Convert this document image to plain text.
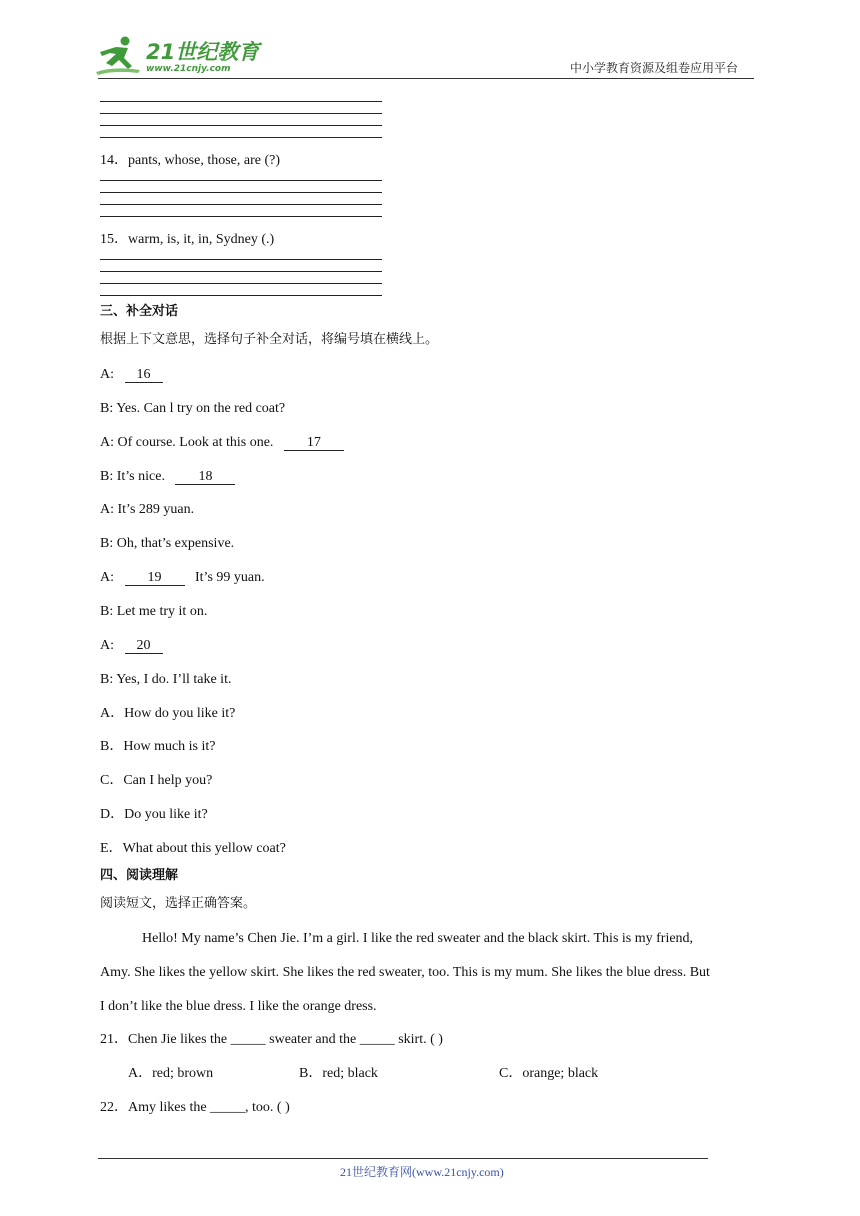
21世纪教育
www.21cnjy.com	中小学教育资源及组卷应用平台
14．pants, whose, those, are (?)
15．warm, is, it, in, Sydney (.)
三、补全对话
根据上下文意思，选择句子补全对话，将编号填在横线上。
A: 16
B: Yes. Can l try on the red coat?
A: Of course. Look at this one. 17
B: It’s nice. 18
A: It’s 289 yuan.
B: Oh, that’s expensive.
A: 19 It’s 99 yuan.
B: Let me try it on.
A: 20
B: Yes, I do. I’ll take it.
A．How do you like it?
B．How much is it?
C．Can I help you?
D．Do you like it?
E．What about this yellow coat?
四、阅读理解
阅读短文，选择正确答案。
Hello! My name’s Chen Jie. I’m a girl. I like the red sweater and the black skirt. This is my friend,
Amy. She likes the yellow skirt. She likes the red sweater, too. This is my mum. She likes the blue dress. But
I don’t like the blue dress. I like the orange dress.
21．Chen Jie likes the _____ sweater and the _____ skirt. ( )
A．red; brown	B．red; black	C．orange; black
22．Amy likes the _____, too. ( )
21世纪教育网(www.21cnjy.com)
